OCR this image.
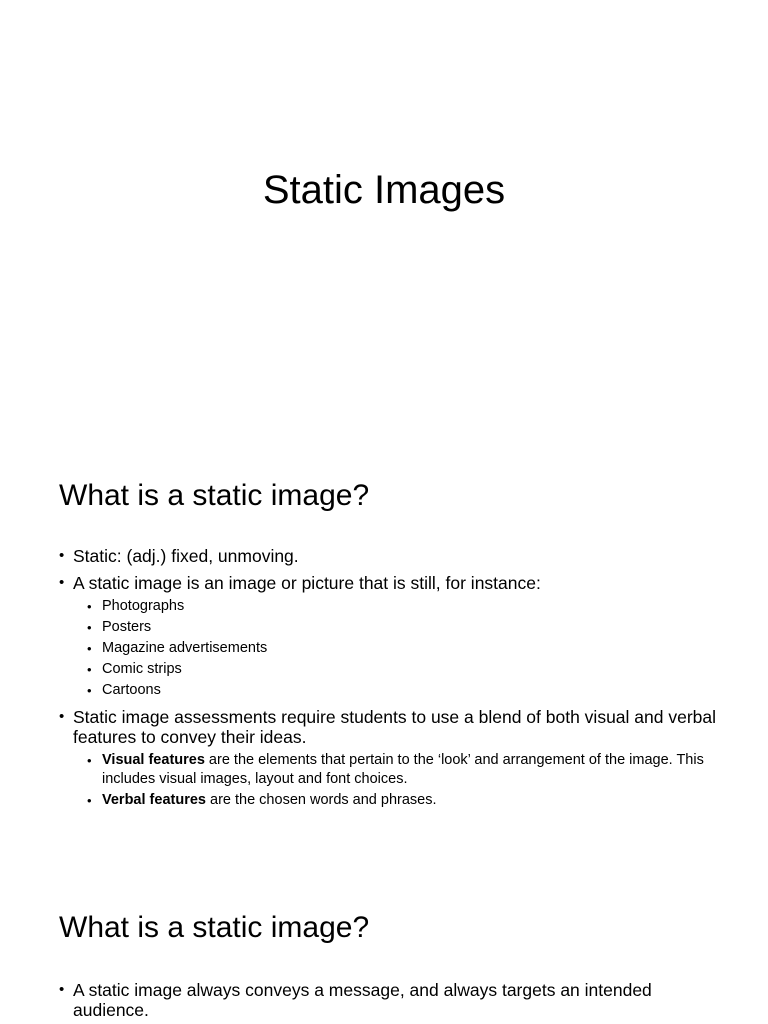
Static Images
What is a static image?
• Static: (adj.) fixed, unmoving.
• A static image is an image or picture that is still, for instance:
• Photographs
• Posters
• Magazine advertisements
• Comic strips
• Cartoons
• Static image assessments require students to use a blend of both visual and verbal features to convey their ideas.
• Visual features are the elements that pertain to the ‘look’ and arrangement of the image. This includes visual images, layout and font choices.
• Verbal features are the chosen words and phrases.
What is a static image?
• A static image always conveys a message, and always targets an intended audience.
